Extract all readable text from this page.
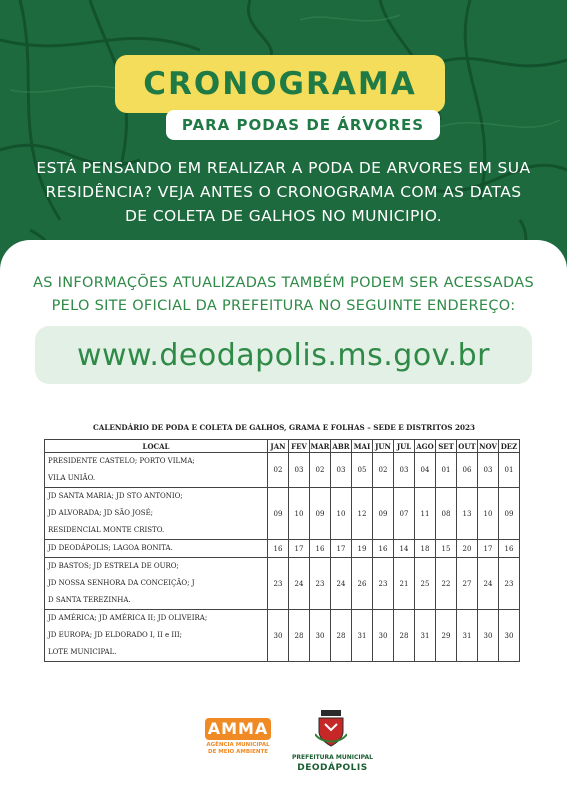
CRONOGRAMA
PARA PODAS DE ÁRVORES
ESTÁ PENSANDO EM REALIZAR A PODA DE ARVORES EM SUA
RESIDÊNCIA? VEJA ANTES O CRONOGRAMA COM AS DATAS
DE COLETA DE GALHOS NO MUNICIPIO.
AS INFORMAÇÕES ATUALIZADAS TAMBÉM PODEM SER ACESSADAS
PELO SITE OFICIAL DA PREFEITURA NO SEGUINTE ENDEREÇO:
www.deodapolis.ms.gov.br
CALENDÁRIO DE PODA E COLETA DE GALHOS, GRAMA E FOLHAS – SEDE E DISTRITOS 2023
LOCAL	JAN	FEV	MAR	ABR	MAI	JUN	JUL	AGO	SET	OUT	NOV	DEZ

PRESIDENTE CASTELO; PORTO VILMA;
VILA UNIÃO.	02	03	02	03	05	02	03	04	01	06	03	01

JD SANTA MARIA; JD STO ANTONIO;
JD ALVORADA; JD SÃO JOSÉ;
RESIDENCIAL MONTE CRISTO.	09	10	09	10	12	09	07	11	08	13	10	09

JD DEODÁPOLIS; LAGOA BONITA.	16	17	16	17	19	16	14	18	15	20	17	16

JD BASTOS; JD ESTRELA DE OURO;
JD NOSSA SENHORA DA CONCEIÇÃO; J
D SANTA TEREZINHA.	23	24	23	24	26	23	21	25	22	27	24	23

JD AMÉRICA; JD AMÉRICA II; JD OLIVEIRA;
JD EUROPA; JD ELDORADO I, II e III;
LOTE MUNICIPAL.	30	28	30	28	31	30	28	31	29	31	30	30
AMMA
AGÊNCIA MUNICIPAL
DE MEIO AMBIENTE
PREFEITURA MUNICIPAL
DEODÁPOLIS
